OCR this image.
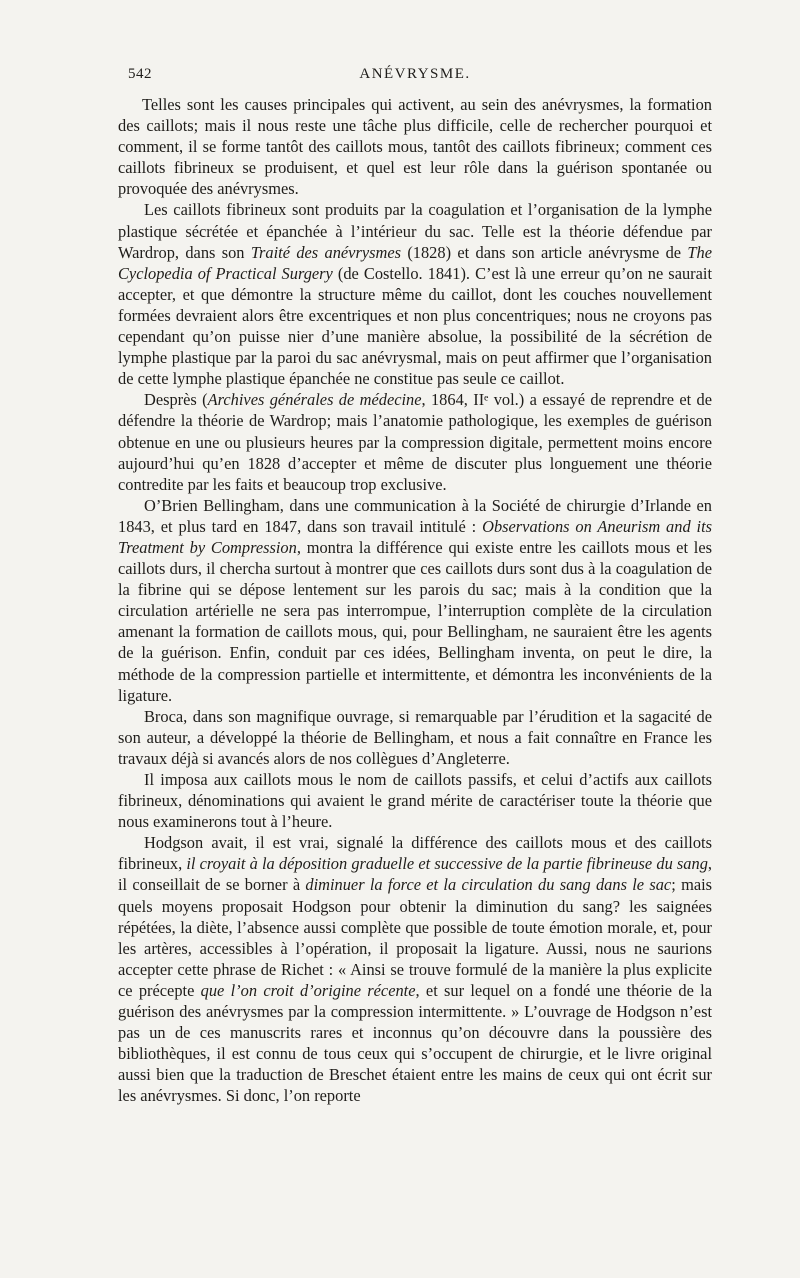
542	ANÉVRYSME.

Telles sont les causes principales qui activent, au sein des anévrysmes, la formation des caillots; mais il nous reste une tâche plus difficile, celle de rechercher pourquoi et comment, il se forme tantôt des caillots mous, tantôt des caillots fibrineux; comment ces caillots fibrineux se produisent, et quel est leur rôle dans la guérison spontanée ou provoquée des anévrysmes.

Les caillots fibrineux sont produits par la coagulation et l’organisation de la lymphe plastique sécrétée et épanchée à l’intérieur du sac. Telle est la théorie défendue par Wardrop, dans son Traité des anévrysmes (1828) et dans son article anévrysme de The Cyclopedia of Practical Surgery (de Costello. 1841). C’est là une erreur qu’on ne saurait accepter, et que démontre la structure même du caillot, dont les couches nouvellement formées devraient alors être excentriques et non plus concentriques; nous ne croyons pas cependant qu’on puisse nier d’une manière absolue, la possibilité de la sécrétion de lymphe plastique par la paroi du sac anévrysmal, mais on peut affirmer que l’organisation de cette lymphe plastique épanchée ne constitue pas seule ce caillot.

Desprès (Archives générales de médecine, 1864, IIᵉ vol.) a essayé de reprendre et de défendre la théorie de Wardrop; mais l’anatomie pathologique, les exemples de guérison obtenue en une ou plusieurs heures par la compression digitale, permettent moins encore aujourd’hui qu’en 1828 d’accepter et même de discuter plus longuement une théorie contredite par les faits et beaucoup trop exclusive.

O’Brien Bellingham, dans une communication à la Société de chirurgie d’Irlande en 1843, et plus tard en 1847, dans son travail intitulé : Observations on Aneurism and its Treatment by Compression, montra la différence qui existe entre les caillots mous et les caillots durs, il chercha surtout à montrer que ces caillots durs sont dus à la coagulation de la fibrine qui se dépose lentement sur les parois du sac; mais à la condition que la circulation artérielle ne sera pas interrompue, l’interruption complète de la circulation amenant la formation de caillots mous, qui, pour Bellingham, ne sauraient être les agents de la guérison. Enfin, conduit par ces idées, Bellingham inventa, on peut le dire, la méthode de la compression partielle et intermittente, et démontra les inconvénients de la ligature.

Broca, dans son magnifique ouvrage, si remarquable par l’érudition et la sagacité de son auteur, a développé la théorie de Bellingham, et nous a fait connaître en France les travaux déjà si avancés alors de nos collègues d’Angleterre.

Il imposa aux caillots mous le nom de caillots passifs, et celui d’actifs aux caillots fibrineux, dénominations qui avaient le grand mérite de caractériser toute la théorie que nous examinerons tout à l’heure.

Hodgson avait, il est vrai, signalé la différence des caillots mous et des caillots fibrineux, il croyait à la déposition graduelle et successive de la partie fibrineuse du sang, il conseillait de se borner à diminuer la force et la circulation du sang dans le sac; mais quels moyens proposait Hodgson pour obtenir la diminution du sang? les saignées répétées, la diète, l’absence aussi complète que possible de toute émotion morale, et, pour les artères, accessibles à l’opération, il proposait la ligature. Aussi, nous ne saurions accepter cette phrase de Richet : « Ainsi se trouve formulé de la manière la plus explicite ce précepte que l’on croit d’origine récente, et sur lequel on a fondé une théorie de la guérison des anévrysmes par la compression intermittente. » L’ouvrage de Hodgson n’est pas un de ces manuscrits rares et inconnus qu’on découvre dans la poussière des bibliothèques, il est connu de tous ceux qui s’occupent de chirurgie, et le livre original aussi bien que la traduction de Breschet étaient entre les mains de ceux qui ont écrit sur les anévrysmes. Si donc, l’on reporte
